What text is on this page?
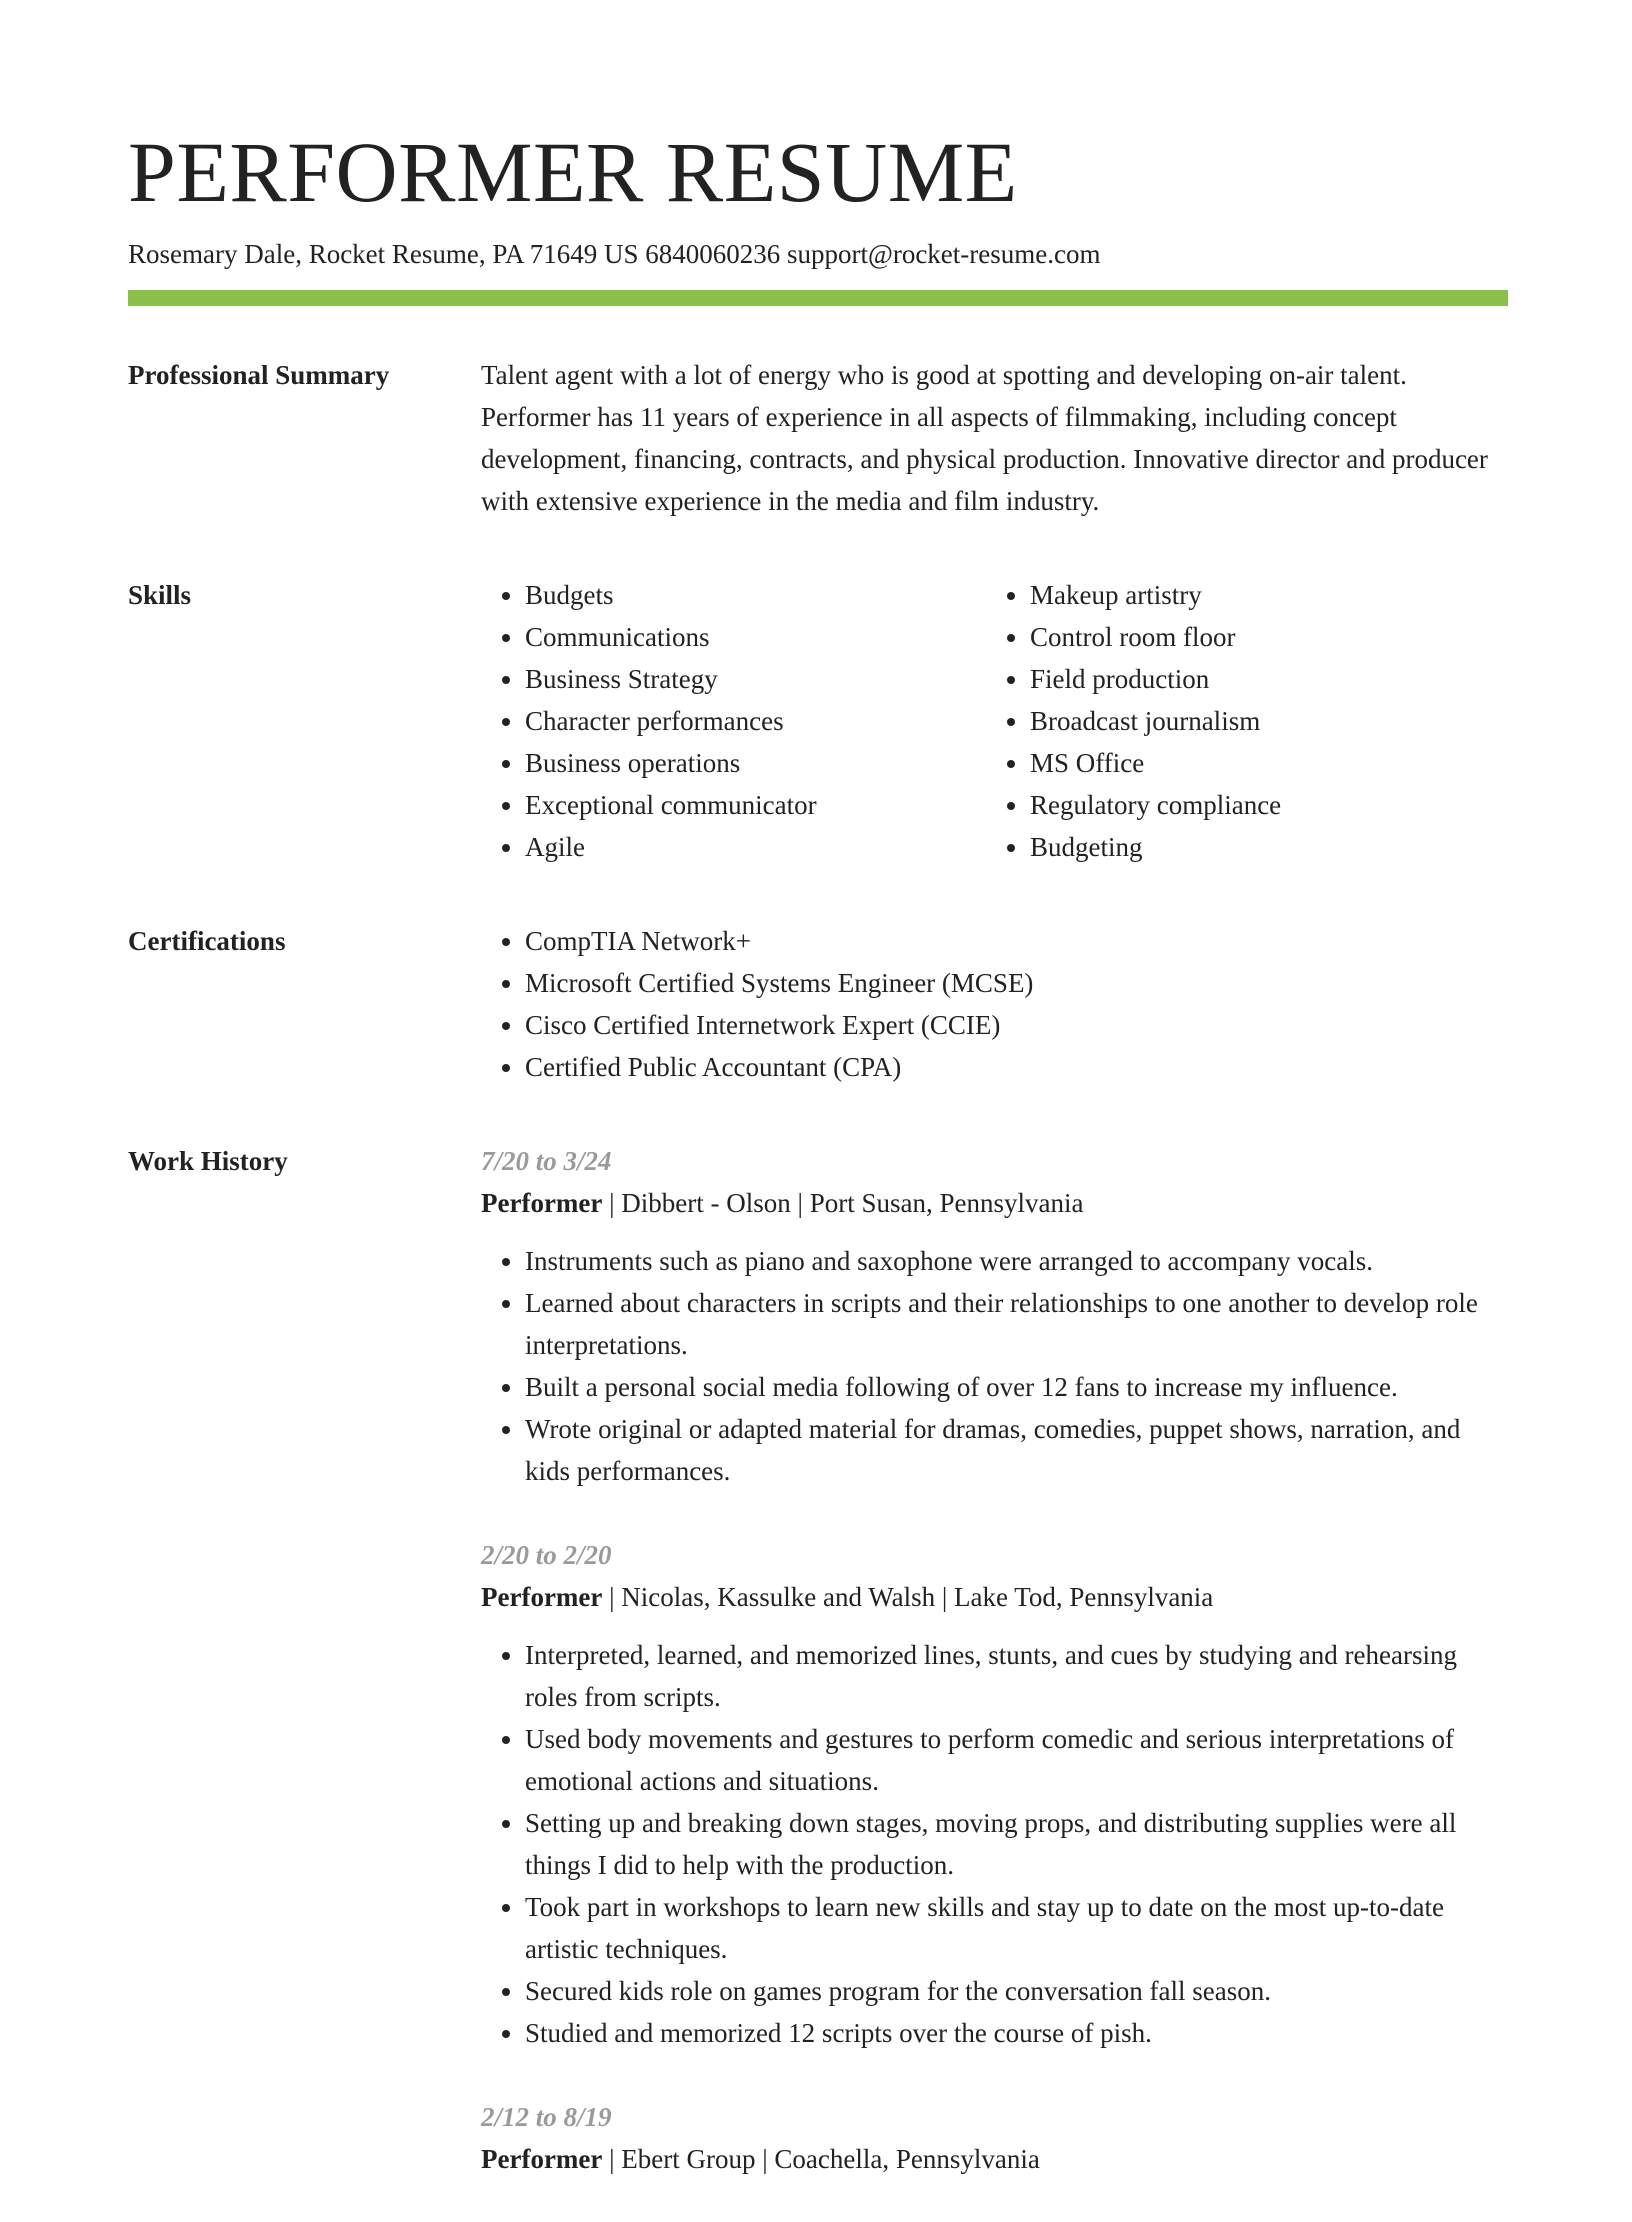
PERFORMER RESUME
Rosemary Dale, Rocket Resume, PA 71649 US 6840060236 support@rocket-resume.com
Professional Summary	Talent agent with a lot of energy who is good at spotting and developing on-air talent. Performer has 11 years of experience in all aspects of filmmaking, including concept development, financing, contracts, and physical production. Innovative director and producer with extensive experience in the media and film industry.

Skills	• Budgets
• Communications
• Business Strategy
• Character performances
• Business operations
• Exceptional communicator
• Agile
• Makeup artistry
• Control room floor
• Field production
• Broadcast journalism
• MS Office
• Regulatory compliance
• Budgeting
Certifications	• CompTIA Network+
• Microsoft Certified Systems Engineer (MCSE)
• Cisco Certified Internetwork Expert (CCIE)
• Certified Public Accountant (CPA)
Work History	7/20 to 3/24
Performer | Dibbert - Olson | Port Susan, Pennsylvania
• Instruments such as piano and saxophone were arranged to accompany vocals.
• Learned about characters in scripts and their relationships to one another to develop role interpretations.
• Built a personal social media following of over 12 fans to increase my influence.
• Wrote original or adapted material for dramas, comedies, puppet shows, narration, and kids performances.
2/20 to 2/20
Performer | Nicolas, Kassulke and Walsh | Lake Tod, Pennsylvania
• Interpreted, learned, and memorized lines, stunts, and cues by studying and rehearsing roles from scripts.
• Used body movements and gestures to perform comedic and serious interpretations of emotional actions and situations.
• Setting up and breaking down stages, moving props, and distributing supplies were all things I did to help with the production.
• Took part in workshops to learn new skills and stay up to date on the most up-to-date artistic techniques.
• Secured kids role on games program for the conversation fall season.
• Studied and memorized 12 scripts over the course of pish.
2/12 to 8/19
Performer | Ebert Group | Coachella, Pennsylvania
